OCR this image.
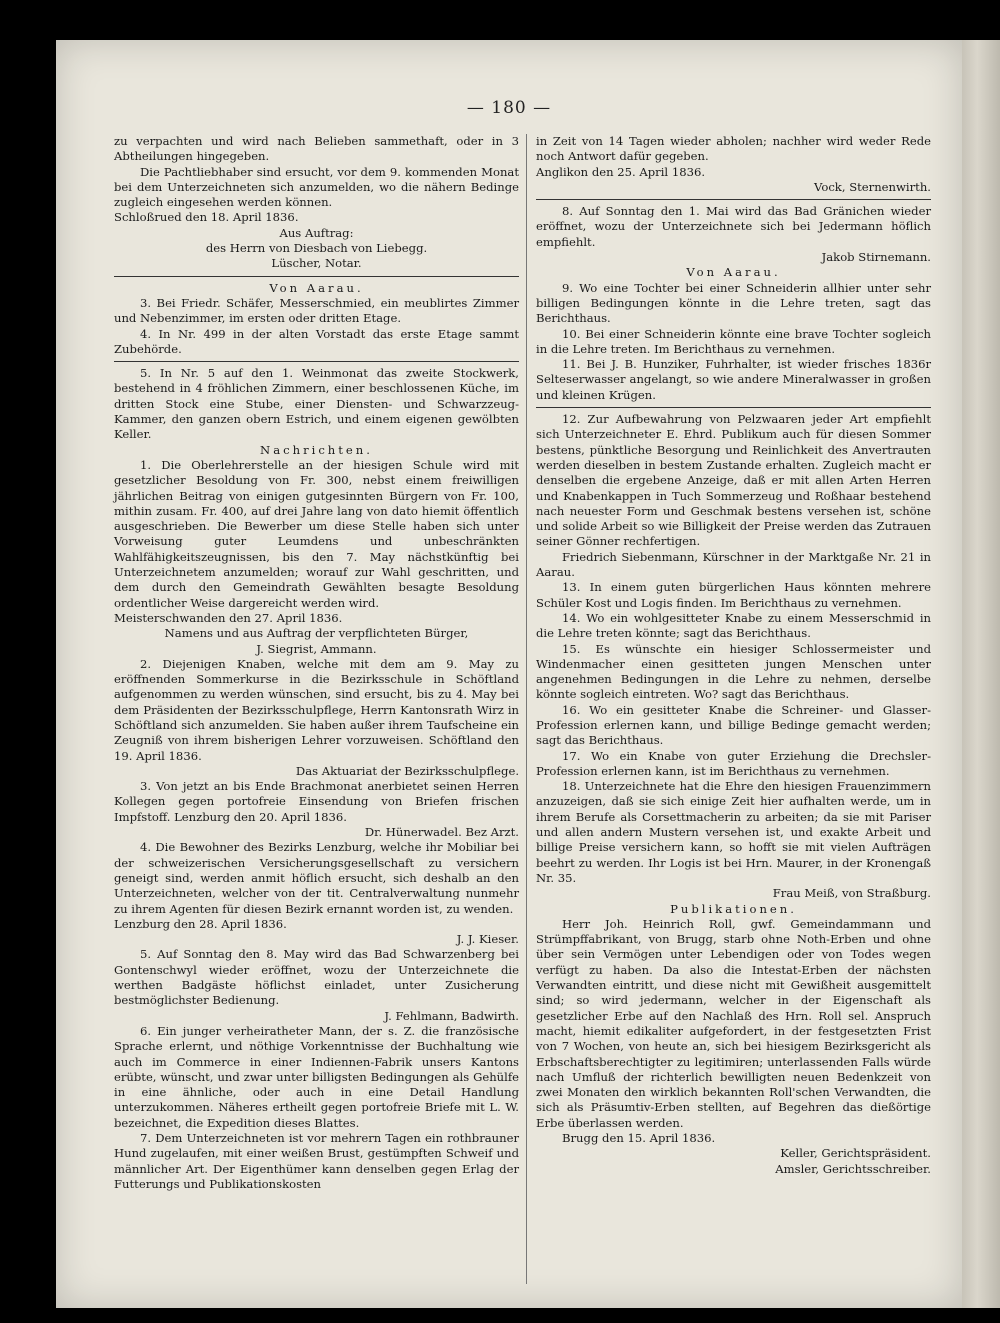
— 180 —

zu verpachten und wird nach Belieben sammethaft, oder in 3 Abtheilungen hingegeben.

Die Pachtliebhaber sind ersucht, vor dem 9. kommenden Monat bei dem Unterzeichneten sich anzumelden, wo die nähern Bedinge zugleich eingesehen werden können.

Schloßrued den 18. April 1836.

Aus Auftrag:

des Herrn von Diesbach von Liebegg.

Lüscher, Notar.

Von Aarau.

3. Bei Friedr. Schäfer, Messerschmied, ein meublirtes Zimmer und Nebenzimmer, im ersten oder dritten Etage.

4. In Nr. 499 in der alten Vorstadt das erste Etage sammt Zubehörde.

5. In Nr. 5 auf den 1. Weinmonat das zweite Stockwerk, bestehend in 4 fröhlichen Zimmern, einer beschlossenen Küche, im dritten Stock eine Stube, einer Diensten- und Schwarzzeug-Kammer, den ganzen obern Estrich, und einem eigenen gewölbten Keller.

Nachrichten.

1. Die Oberlehrerstelle an der hiesigen Schule wird mit gesetzlicher Besoldung von Fr. 300, nebst einem freiwilligen jährlichen Beitrag von einigen gutgesinnten Bürgern von Fr. 100, mithin zusam. Fr. 400, auf drei Jahre lang von dato hiemit öffentlich ausgeschrieben. Die Bewerber um diese Stelle haben sich unter Vorweisung guter Leumdens und unbeschränkten Wahlfähigkeitszeugnissen, bis den 7. May nächstkünftig bei Unterzeichnetem anzumelden; worauf zur Wahl geschritten, und dem durch den Gemeindrath Gewählten besagte Besoldung ordentlicher Weise dargereicht werden wird.

Meisterschwanden den 27. April 1836.

Namens und aus Auftrag der verpflichteten Bürger,

J. Siegrist, Ammann.

2. Diejenigen Knaben, welche mit dem am 9. May zu eröffnenden Sommerkurse in die Bezirksschule in Schöftland aufgenommen zu werden wünschen, sind ersucht, bis zu 4. May bei dem Präsidenten der Bezirksschulpflege, Herrn Kantonsrath Wirz in Schöftland sich anzumelden. Sie haben außer ihrem Taufscheine ein Zeugniß von ihrem bisherigen Lehrer vorzuweisen. Schöftland den 19. April 1836.

Das Aktuariat der Bezirksschulpflege.

3. Von jetzt an bis Ende Brachmonat anerbietet seinen Herren Kollegen gegen portofreie Einsendung von Briefen frischen Impfstoff. Lenzburg den 20. April 1836.

Dr. Hünerwadel. Bez Arzt.

4. Die Bewohner des Bezirks Lenzburg, welche ihr Mobiliar bei der schweizerischen Versicherungsgesellschaft zu versichern geneigt sind, werden anmit höflich ersucht, sich deshalb an den Unterzeichneten, welcher von der tit. Centralverwaltung nunmehr zu ihrem Agenten für diesen Bezirk ernannt worden ist, zu wenden.

Lenzburg den 28. April 1836.

J. J. Kieser.

5. Auf Sonntag den 8. May wird das Bad Schwarzenberg bei Gontenschwyl wieder eröffnet, wozu der Unterzeichnete die werthen Badgäste höflichst einladet, unter Zusicherung bestmöglichster Bedienung.

J. Fehlmann, Badwirth.

6. Ein junger verheiratheter Mann, der s. Z. die französische Sprache erlernt, und nöthige Vorkenntnisse der Buchhaltung wie auch im Commerce in einer Indiennen-Fabrik unsers Kantons erübte, wünscht, und zwar unter billigsten Bedingungen als Gehülfe in eine ähnliche, oder auch in eine Detail Handlung unterzukommen. Näheres ertheilt gegen portofreie Briefe mit L. W. bezeichnet, die Expedition dieses Blattes.

7. Dem Unterzeichneten ist vor mehrern Tagen ein rothbrauner Hund zugelaufen, mit einer weißen Brust, gestümpften Schweif und männlicher Art. Der Eigenthümer kann denselben gegen Erlag der Futterungs und Publikationskosten

in Zeit von 14 Tagen wieder abholen; nachher wird weder Rede noch Antwort dafür gegeben.

Anglikon den 25. April 1836.

Vock, Sternenwirth.

8. Auf Sonntag den 1. Mai wird das Bad Gränichen wieder eröffnet, wozu der Unterzeichnete sich bei Jedermann höflich empfiehlt.

Jakob Stirnemann.

Von Aarau.

9. Wo eine Tochter bei einer Schneiderin allhier unter sehr billigen Bedingungen könnte in die Lehre treten, sagt das Berichthaus.

10. Bei einer Schneiderin könnte eine brave Tochter sogleich in die Lehre treten. Im Berichthaus zu vernehmen.

11. Bei J. B. Hunziker, Fuhrhalter, ist wieder frisches 1836r Selteserwasser angelangt, so wie andere Mineralwasser in großen und kleinen Krügen.

12. Zur Aufbewahrung von Pelzwaaren jeder Art empfiehlt sich Unterzeichneter E. Ehrd. Publikum auch für diesen Sommer bestens, pünktliche Besorgung und Reinlichkeit des Anvertrauten werden dieselben in bestem Zustande erhalten. Zugleich macht er denselben die ergebene Anzeige, daß er mit allen Arten Herren und Knabenkappen in Tuch Sommerzeug und Roßhaar bestehend nach neuester Form und Geschmak bestens versehen ist, schöne und solide Arbeit so wie Billigkeit der Preise werden das Zutrauen seiner Gönner rechfertigen.

Friedrich Siebenmann, Kürschner in der Marktgaße Nr. 21 in Aarau.

13. In einem guten bürgerlichen Haus könnten mehrere Schüler Kost und Logis finden. Im Berichthaus zu vernehmen.

14. Wo ein wohlgesitteter Knabe zu einem Messerschmid in die Lehre treten könnte; sagt das Berichthaus.

15. Es wünschte ein hiesiger Schlossermeister und Windenmacher einen gesitteten jungen Menschen unter angenehmen Bedingungen in die Lehre zu nehmen, derselbe könnte sogleich eintreten. Wo? sagt das Berichthaus.

16. Wo ein gesitteter Knabe die Schreiner- und Glasser-Profession erlernen kann, und billige Bedinge gemacht werden; sagt das Berichthaus.

17. Wo ein Knabe von guter Erziehung die Drechsler-Profession erlernen kann, ist im Berichthaus zu vernehmen.

18. Unterzeichnete hat die Ehre den hiesigen Frauenzimmern anzuzeigen, daß sie sich einige Zeit hier aufhalten werde, um in ihrem Berufe als Corsettmacherin zu arbeiten; da sie mit Pariser und allen andern Mustern versehen ist, und exakte Arbeit und billige Preise versichern kann, so hofft sie mit vielen Aufträgen beehrt zu werden. Ihr Logis ist bei Hrn. Maurer, in der Kronengaß Nr. 35.

Frau Meiß, von Straßburg.

Publikationen.

Herr Joh. Heinrich Roll, gwf. Gemeindammann und Strümpffabrikant, von Brugg, starb ohne Noth-Erben und ohne über sein Vermögen unter Lebendigen oder von Todes wegen verfügt zu haben. Da also die Intestat-Erben der nächsten Verwandten eintritt, und diese nicht mit Gewißheit ausgemittelt sind; so wird jedermann, welcher in der Eigenschaft als gesetzlicher Erbe auf den Nachlaß des Hrn. Roll sel. Anspruch macht, hiemit edikaliter aufgefordert, in der festgesetzten Frist von 7 Wochen, von heute an, sich bei hiesigem Bezirksgericht als Erbschaftsberechtigter zu legitimiren; unterlassenden Falls würde nach Umfluß der richterlich bewilligten neuen Bedenkzeit von zwei Monaten den wirklich bekannten Roll'schen Verwandten, die sich als Präsumtiv-Erben stellten, auf Begehren das dießörtige Erbe überlassen werden.

Brugg den 15. April 1836.

Keller, Gerichtspräsident.

Amsler, Gerichtsschreiber.
